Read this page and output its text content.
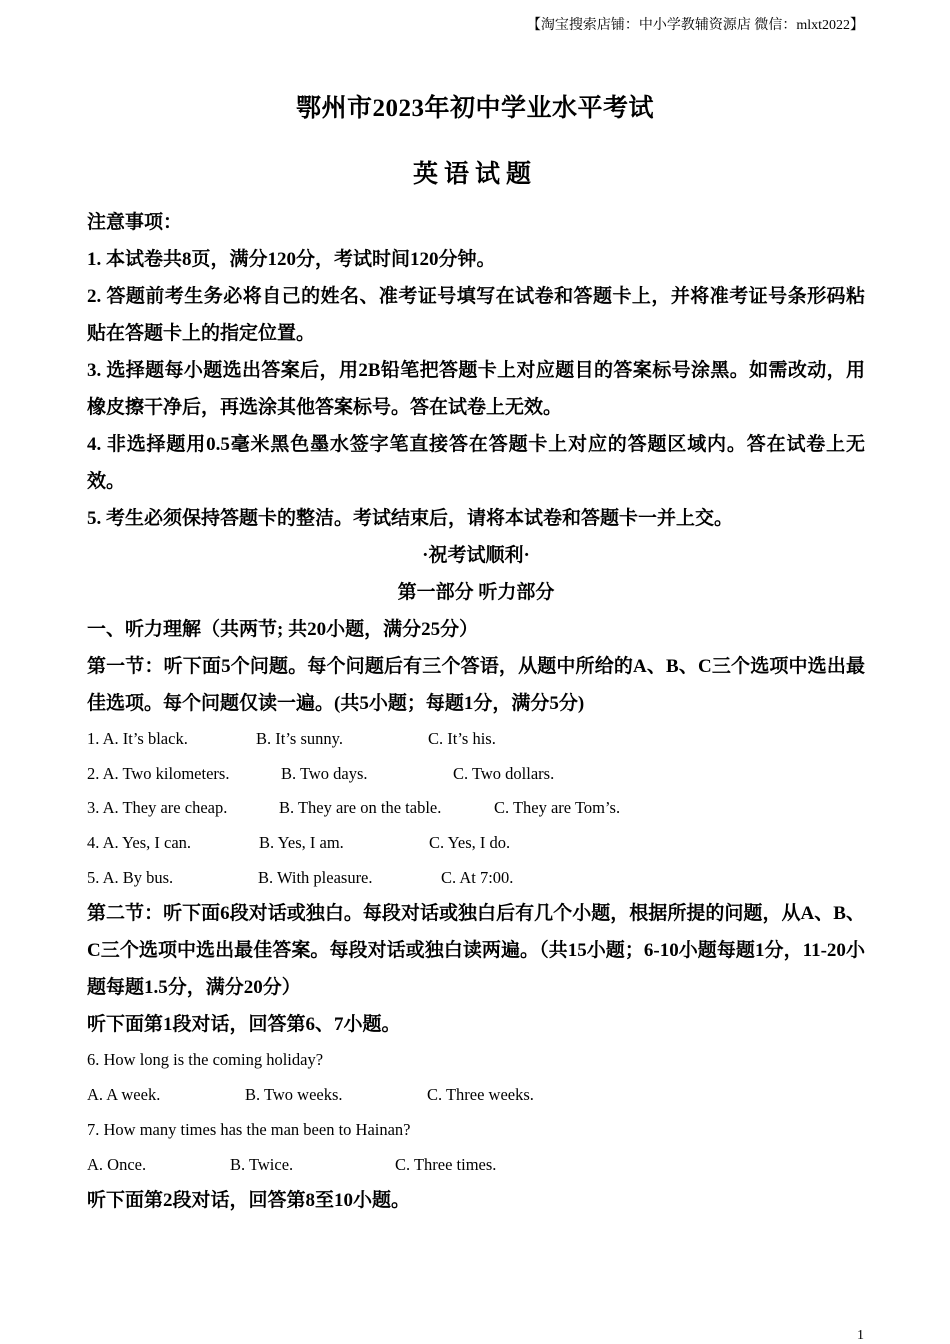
【淘宝搜索店铺：中小学教辅资源店 微信：mlxt2022】
鄂州市2023年初中学业水平考试
英语试题
注意事项：
1. 本试卷共8页，满分120分，考试时间120分钟。
2. 答题前考生务必将自己的姓名、准考证号填写在试卷和答题卡上，并将准考证号条形码粘贴在答题卡上的指定位置。
3. 选择题每小题选出答案后，用2B铅笔把答题卡上对应题目的答案标号涂黑。如需改动，用橡皮擦干净后，再选涂其他答案标号。答在试卷上无效。
4. 非选择题用0.5毫米黑色墨水签字笔直接答在答题卡上对应的答题区域内。答在试卷上无效。
5. 考生必须保持答题卡的整洁。考试结束后，请将本试卷和答题卡一并上交。
·祝考试顺利·
第一部分 听力部分
一、听力理解（共两节; 共20小题，满分25分）
第一节：听下面5个问题。每个问题后有三个答语，从题中所给的A、B、C三个选项中选出最佳选项。每个问题仅读一遍。(共5小题；每题1分，满分5分)
1. A. It’s black.	B. It’s sunny.	C. It’s his.
2. A. Two kilometers.	B. Two days.	C. Two dollars.
3. A. They are cheap.	B. They are on the table.	C. They are Tom’s.
4. A. Yes, I can.	B. Yes, I am.	C. Yes, I do.
5. A. By bus.	B. With pleasure.	C. At 7:00.
第二节：听下面6段对话或独白。每段对话或独白后有几个小题，根据所提的问题，从A、B、C三个选项中选出最佳答案。每段对话或独白读两遍。（共15小题；6-10小题每题1分，11-20小题每题1.5分，满分20分）
听下面第1段对话，回答第6、7小题。
6. How long is the coming holiday?
A. A week.	B. Two weeks.	C. Three weeks.
7. How many times has the man been to Hainan?
A. Once.	B. Twice.	C. Three times.
听下面第2段对话，回答第8至10小题。
1
